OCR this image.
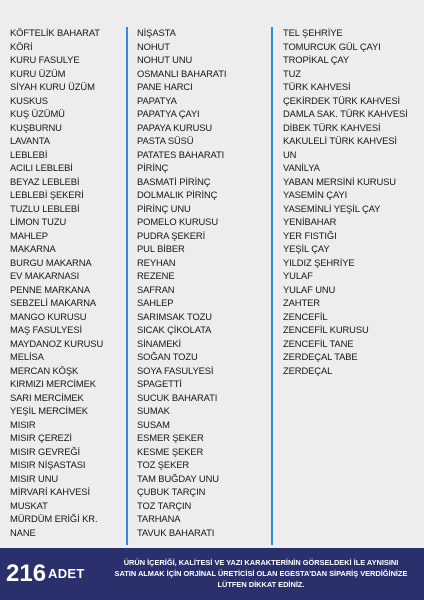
KÖFTELİK BAHARAT
KÖRİ
KURU FASULYE
KURU ÜZÜM
SİYAH KURU ÜZÜM
KUSKUS
KUŞ ÜZÜMÜ
KUŞBURNU
LAVANTA
LEBLEBİ
ACILI LEBLEBİ
BEYAZ LEBLEBİ
LEBLEBİ ŞEKERİ
TUZLU LEBLEBİ
LİMON TUZU
MAHLEP
MAKARNA
BURGU MAKARNA
EV MAKARNASI
PENNE MARKANA
SEBZELİ MAKARNA
MANGO KURUSU
MAŞ FASULYESİ
MAYDANOZ KURUSU
MELİSA
MERCAN KÖŞK
KIRMIZI MERCİMEK
SARI MERCİMEK
YEŞİL MERCİMEK
MISIR
MISIR ÇEREZİ
MISIR GEVREĞİ
MISIR NİŞASTASI
MISIR UNU
MİRVARİ KAHVESİ
MUSKAT
MÜRDÜM ERİĞİ KR.
NANE
NİŞASTA
NOHUT
NOHUT UNU
OSMANLI BAHARATI
PANE HARCI
PAPATYA
PAPATYA ÇAYI
PAPAYA KURUSU
PASTA SÜSÜ
PATATES BAHARATI
PİRİNÇ
BASMATİ PİRİNÇ
DOLMALIK PİRİNÇ
PİRİNÇ UNU
POMELO KURUSU
PUDRA ŞEKERİ
PUL BİBER
REYHAN
REZENE
SAFRAN
SAHLEP
SARIMSAK TOZU
SICAK ÇİKOLATA
SİNAMEKİ
SOĞAN TOZU
SOYA FASULYESİ
SPAGETTİ
SUCUK BAHARATI
SUMAK
SUSAM
ESMER ŞEKER
KESME ŞEKER
TOZ ŞEKER
TAM BUĞDAY UNU
ÇUBUK TARÇIN
TOZ TARÇIN
TARHANA
TAVUK BAHARATI
TEL ŞEHRİYE
TOMURCUK GÜL ÇAYI
TROPİKAL ÇAY
TUZ
TÜRK KAHVESİ
ÇEKİRDEK TÜRK KAHVESİ
DAMLA SAK. TÜRK KAHVESİ
DİBEK TÜRK KAHVESİ
KAKULELİ TÜRK KAHVESİ
UN
VANİLYA
YABAN MERSİNİ KURUSU
YASEMİN ÇAYI
YASEMİNLİ YEŞİL ÇAY
YENİBAHAR
YER FISTIĞI
YEŞİL ÇAY
YILDIZ ŞEHRİYE
YULAF
YULAF UNU
ZAHTER
ZENCEFİL
ZENCEFİL KURUSU
ZENCEFİL TANE
ZERDEÇAL TABE
ZERDEÇAL
216 ADET
ÜRÜN İÇERİĞİ, KALİTESİ VE YAZI KARAKTERİNİN GÖRSELDEKİ İLE AYNISINI
SATIN ALMAK İÇİN ORJİNAL ÜRETİCİSİ OLAN EGESTA'DAN SİPARİŞ VERDİĞİNİZE
LÜTFEN DİKKAT EDİNİZ.
